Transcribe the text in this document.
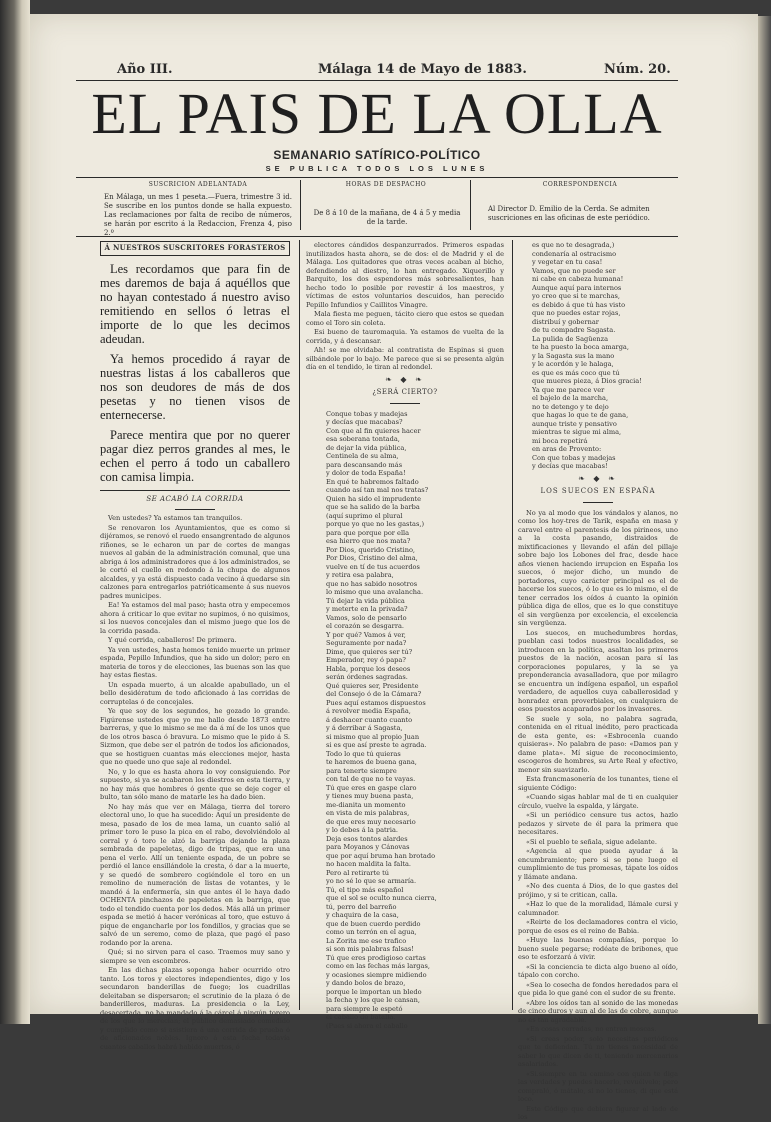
Año III.	Málaga 14 de Mayo de 1883.	Núm. 20.
EL PAIS DE LA OLLA
SEMANARIO SATÍRICO-POLÍTICO
SE PUBLICA TODOS LOS LUNES
SUSCRICION ADELANTADA
En Málaga, un mes 1 peseta.—Fuera, trimestre 3 id. Se suscribe en los puntos donde se halla expuesto. Las reclamaciones por falta de recibo de números, se harán por escrito á la Redaccion, Frenza 4, piso 2.º
HORAS DE DESPACHO
De 8 á 10 de la mañana, de 4 á 5 y media de la tarde.
CORRESPONDENCIA
Al Director D. Emilio de la Cerda. Se admiten suscriciones en las oficinas de este periódico.
Á NUESTROS SUSCRITORES FORASTEROS

Les recordamos que para fin de mes daremos de baja á aquéllos que no hayan contestado á nuestro aviso remitiendo en sellos ó letras el importe de lo que les decimos adeudan.

Ya hemos procedido á rayar de nuestras listas á los caballeros que nos son deudores de más de dos pesetas y no tienen visos de enternecerse.

Parece mentira que por no querer pagar diez perros grandes al mes, le echen el perro á todo un caballero con camisa limpia.

SE ACABÓ LA CORRIDA

Ven ustedes? Ya estamos tan tranquilos.

Se renovaron los Ayuntamientos, que es como si dijéramos, se renovó el ruedo ensangrentado de algunos riñones, se le echaron un par de cortes de mangas nuevos al gabán de la administración comunal, que una abriga á los administradores que á los administrados, se le cortó el cuello en redondo á la chupa de algunos alcaldes, y ya está dispuesto cada vecino á quedarse sin calzones para entregarlos patrióticamente á sus nuevos padres municipes.

Ea! Ya estamos del mal paso; hasta otra y empecemos ahora á criticar lo que evitar no supimos, ó no quisimos, si los nuevos concejales dan el mismo juego que los de la corrida pasada.

Y qué corrida, caballeros! De primera.

Ya ven ustedes, hasta hemos tenido muerte un primer espada, Pepillo Infundios, que ha sido un dolor; pero en materia de toros y de elecciones, las buenas son las que hay estas fiestas.

Un espada muerto, á un alcalde apabullado, un el bello desidératum de todo aficionado á las corridas de corruptelas ó de concejales.

Ye que soy de los segundos, he gozado lo grande. Figúrense ustedes que yo me hallo desde 1873 entre barreras, y que lo mismo se me da á mí de los unos que de los otros basca ó bravura. Lo mismo que le pido á S. Sizmon, que debe ser el patrón de todos los aficionados, que se hostiguen cuantas más elecciones mejor, hasta que no quede uno que saje al redondel.

No, y lo que es hasta ahora lo voy consiguiendo. Por supuesto, si ya se acabaron los diestros en esta tierra, y no hay más que hombres ó gente que se deje coger el bulto, tan sólo mano de matarle les ha dado bien.

No hay más que ver en Málaga, tierra del torero electoral uno, lo que ha sucedido: Aquí un presidente de mesa, pasado de los de mea lama, un cuanto salió al primer toro le puso la pica en el rabo, devolviéndolo al corral y ó toro le alzó la barriga dejando la plaza sembrada de papeletas, digo de tripas, que era una pena el verlo. Allí un teniente espada, de un pobre se perdió el lance ensillándole la cresta, ó dar a la muerte, y se quedó de sombrero cogiéndole el toro en un remolino de numeración de listas de votantes, y le mandó á la enfermería, sin que antes él le haya dado OCHENTA pinchazos de papeletas en la barriga, que todo el tendido cuenta por los dedos. Más allá un primer espada se metió á hacer verónicas al toro, que estuvo á pique de engancharle por los fondillos, y gracias que se salvó de un seremo, como de plaza, que pagó el paso rodando por la arena.

Qué; si no sirven para el caso. Traemos muy sano y siempre se ven escombros.

En las dichas plazas soponga haber ocurrido otro tanto. Los toros y electores independientes, digo y los secundaron banderillas de fuego; los cuadrillas deleitaban se dispersaron; el scrutinio de la plaza ó de banderilleros, maduras. La presidencia o la Ley, desacertada, no ha mandado á la cárcel á ningún torero de los que lo merecían; el público demasiado comedido y cumplido como si asistiera á una corrida de prueba ó de aficionados nobles. Ignoro á esta fecha todavía cuantos caballos habrá habido muertos, ó

electores cándidos despanzurrados. Primeros espadas inutilizados hasta ahora, se de dos: el de Madrid y el de Málaga. Los quitadores que otras veces acaban al bicho, defendiendo al diestro, lo han entregado. Xiquerillo y Barquito, los dos espendores más sobresalientes, han hecho todo lo posible por revestir á los maestros, y víctimas de estos voluntarios descuidos, han perecido Pepillo Infundios y Caillitos Vinagre.

Mala fiesta me peguen, tácito ciero que estos se quedan como el Toro sin coleta.

Esi bueno de tauromaquia. Ya estamos de vuelta de la corrida, y á descansar.

Ah! se me olvidaba: al contratista de Espinas si guen silbándole por lo bajo. Me parece que si se presenta algún día en el tendido, le tiran al redondel.

❧ ◆ ❧
¿SERÁ CIERTO?
Conque tobas y madejas
y decías que macabas?
Con que al fin quieres hacer
esa soberana tontada,
de dejar la vida pública,
Centinela de su alma,
para descansando más
y dolor de toda España!
En qué te habremos faltado
cuando así tan mal nos tratas?
Quien ha sido el imprudente
que se ha salido de la barba
(aquí suprimo el plural
porque yo que no les gastas,)
para que porque por ella
esa hierro que nos mata?
Por Dios, querido Cristino,
Por Dios, Cristino del alma,
vuelve en tí de tus acuerdos
y retira esa palabra,
que no has sabido nosotros
lo mismo que una avalancha.
Tú dejar la vida pública
y meterte en la privada?
Vamos, solo de pensarlo
el corazón se desgarra.
Y por qué? Vamos á ver,
Seguramente por nada?
Dime, que quieres ser tú?
Emperador, rey ó papa?
Habla, porque los deseos
serán órdenes sagradas.
Qué quieres ser, Presidente
del Consejo ó de la Cámara?
Pues aquí estamos dispuestos
á revolver media España,
á deshacer cuanto cuanto
y á derribar á Sagasta,
si mismo que al propio Juan
si es que así preste te agrada.
Todo lo que tú quieras
te haremos de buena gana,
para tenerte siempre
con tal de que no te vayas.
Tú que eres en gaspe claro
y tienes muy buena pasta,
me-dianita un momento
en vista de mis palabras,
de que eres muy necesario
y lo debes á la patria.
Deja esos tontos alardes
para Moyanos y Cánovas
que por aquí bruma han brotado
no hacen maldita la falta.
Pero al retirarte tú
yo no sé lo que se armaría.
Tú, el tipo más español
que el sol se oculto nunca cierra,
tú, perro del barreño
y chaquira de la casa,
que de buen cuerdo perdido
como un terrón en el agua,
La Zorita me ese trafico
si son mis palabras falsas!
Tú que eres prodigioso cartas
como en las fechas más largas,
y ocasiones siempre midiendo
y dando bolos de brazo,
porque le importan un bledo
la fecha y los que le cansan,
para siempre le espetó
el caballo de batalla.
(Pues si ahora el caballo
es que no te desagrada,)
condenaría al ostracismo
y vegetar en tu casa!
Vamos, que no puede ser
ni cabe en cabeza humana!
Aunque aquí para internos
yo creo que si te marchas,
es debido á que tú has visto
que no puedes estar rojas,
distribuí y gobernar
de tu compadre Sagasta.
La pulida de Sagüenza
te ha puesto la boca amarga,
y la Sagasta sus la mano
y le acordón y le halaga,
es que es más coco que tú
que mueres pieza, á Dios gracia!
Ya que me parece ver
el bajelo de la marcha,
no te detengo y te dejo
que hagas lo que te de gana,
aunque triste y pensativo
mientras te sigue mi alma,
mi boca repetirá
en aras de Provento:
Con que tobas y madejas
y decías que macabas!
❧ ◆ ❧
LOS SUECOS EN ESPAÑA

No ya al modo que los vándalos y alanos, no como los hoy-tres de Tarik, españa en masa y caravel entre el parentesis de los pirineos, uno a la costa pasando, distraidos de mixtificaciones y llevando el afán del pillaje sobre bajo los Lobones del frac, desde hace años vienen haciendo irrupcion en España los suecos, ó mejor dicho, un mundo de portadores, cuyo carácter principal es el de hacerse los suecos, ó lo que es lo mismo, el de tener cerrados los oídos á cuanto la opinión pública diga de ellos, que es lo que constituye el sin vergüenza por excelencia, el excelencia sin vergüenza.

Los suecos, en muchedumbres hordas, pueblan casi todos nuestros localidades, se introducen en la política, asaltan los primeros puestos de la nación, acosan para sí las corporaciones populares, y la se ya preponderancia avasalladora, que por milagro se encuentra un indígena español, un español verdadero, de aquellos cuya caballerosidad y honradez eran proverbiales, en cualquiera de esos puestos acaparados por los invasores.

Se suele y sola, no palabra sagrada, contenida en el ritual inédito, pero practicada de esta gente, es: «Esbrocenla cuando quisieras». No palabra de paso: «Damos pan y dame plata». Mí sigue de reconocimiento, escogeros de hombres, su Arte Real y efectivo, menor sin suavizarlo.

Esta francmasonería de los tunantes, tiene el siguiente Código:

«Cuando sigas hablar mal de ti en cualquier círculo, vuelve la espalda, y lárgate.

«Si un periódico censure tus actos, hazlo pedazos y sirvete de él para la primera que necesitares.

«Si el pueblo te señala, sigue adelante.

«Agencia al que pueda ayudar á la encumbramiento; pero si se pone luego el cumplimiento de tus promesas, tápate los oídos y llámate andana.

«No des cuenta á Dios, de lo que gastes del prójimo, y si te critican, calla.

«Haz lo que de la moralidad, llámale cursi y calumnador.

«Reirte de los declamadores contra el vicio, porque de esos es el reino de Babia.

«Huye las buenas compañías, porque lo bueno suele pegarse; rodéate de bribones, que eso te esforzará á vivir.

«Si la conciencia te dicta algo bueno al oído, tápalo con corcho.

«Sea lo cosecha de fondos heredados para el que pida lo que gané con el sudor de su frente.

«Abre los oídos tan al sonido de las monedas de cinco duros y aun al de las de cobre, aunque no es tan agradable.

«En cosas cerradas, no entran moscas.

«Si creas poder, solo necesitas periódicos que te defiendan. Tú no tienes necesidad de saber lo que dicen de ti, teniendo mercenarios asalariados.

«Si.siempre en tu camino con quien te diga las verdades y puedes hacerlo, revuélvelo; pero compraló, ó mátalo, si no lo tienes, di que está loco.

Este Código que debiera figurar al lado de los
